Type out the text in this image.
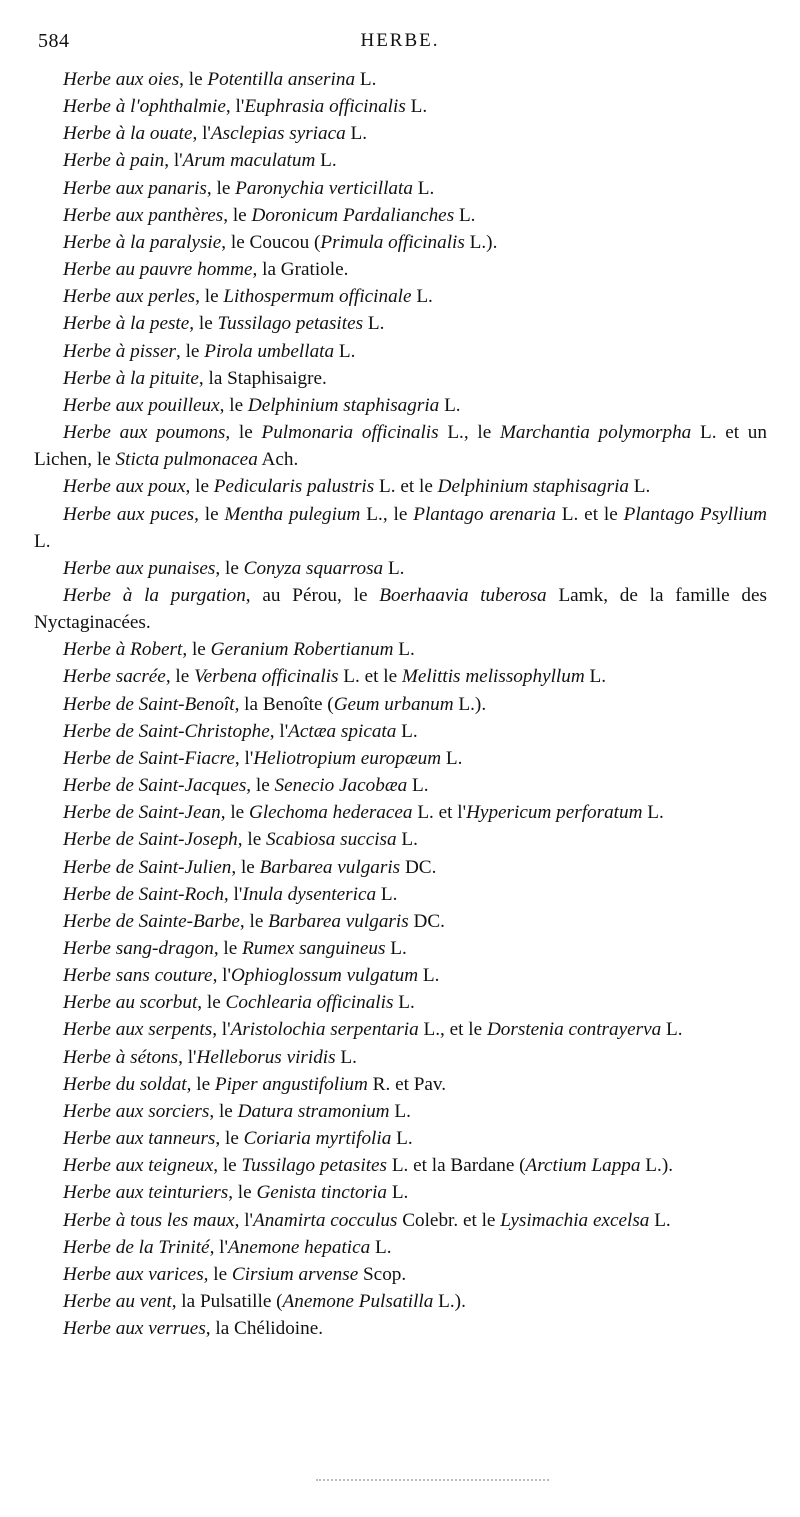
584	HERBE.
Herbe aux oies, le Potentilla anserina L.
Herbe à l'ophthalmie, l'Euphrasia officinalis L.
Herbe à la ouate, l'Asclepias syriaca L.
Herbe à pain, l'Arum maculatum L.
Herbe aux panaris, le Paronychia verticillata L.
Herbe aux panthères, le Doronicum Pardalianches L.
Herbe à la paralysie, le Coucou (Primula officinalis L.).
Herbe au pauvre homme, la Gratiole.
Herbe aux perles, le Lithospermum officinale L.
Herbe à la peste, le Tussilago petasites L.
Herbe à pisser, le Pirola umbellata L.
Herbe à la pituite, la Staphisaigre.
Herbe aux pouilleux, le Delphinium staphisagria L.
Herbe aux poumons, le Pulmonaria officinalis L., le Marchantia polymorpha L. et un Lichen, le Sticta pulmonacea Ach.
Herbe aux poux, le Pedicularis palustris L. et le Delphinium staphisagria L.
Herbe aux puces, le Mentha pulegium L., le Plantago arenaria L. et le Plantago Psyllium L.
Herbe aux punaises, le Conyza squarrosa L.
Herbe à la purgation, au Pérou, le Boerhaavia tuberosa Lamk, de la famille des Nyctaginacées.
Herbe à Robert, le Geranium Robertianum L.
Herbe sacrée, le Verbena officinalis L. et le Melittis melissophyllum L.
Herbe de Saint-Benoît, la Benoîte (Geum urbanum L.).
Herbe de Saint-Christophe, l'Actæa spicata L.
Herbe de Saint-Fiacre, l'Heliotropium europæum L.
Herbe de Saint-Jacques, le Senecio Jacobæa L.
Herbe de Saint-Jean, le Glechoma hederacea L. et l'Hypericum perforatum L.
Herbe de Saint-Joseph, le Scabiosa succisa L.
Herbe de Saint-Julien, le Barbarea vulgaris DC.
Herbe de Saint-Roch, l'Inula dysenterica L.
Herbe de Sainte-Barbe, le Barbarea vulgaris DC.
Herbe sang-dragon, le Rumex sanguineus L.
Herbe sans couture, l'Ophioglossum vulgatum L.
Herbe au scorbut, le Cochlearia officinalis L.
Herbe aux serpents, l'Aristolochia serpentaria L., et le Dorstenia contrayerva L.
Herbe à sétons, l'Helleborus viridis L.
Herbe du soldat, le Piper angustifolium R. et Pav.
Herbe aux sorciers, le Datura stramonium L.
Herbe aux tanneurs, le Coriaria myrtifolia L.
Herbe aux teigneux, le Tussilago petasites L. et la Bardane (Arctium Lappa L.).
Herbe aux teinturiers, le Genista tinctoria L.
Herbe à tous les maux, l'Anamirta cocculus Colebr. et le Lysimachia excelsa L.
Herbe de la Trinité, l'Anemone hepatica L.
Herbe aux varices, le Cirsium arvense Scop.
Herbe au vent, la Pulsatille (Anemone Pulsatilla L.).
Herbe aux verrues, la Chélidoine.
